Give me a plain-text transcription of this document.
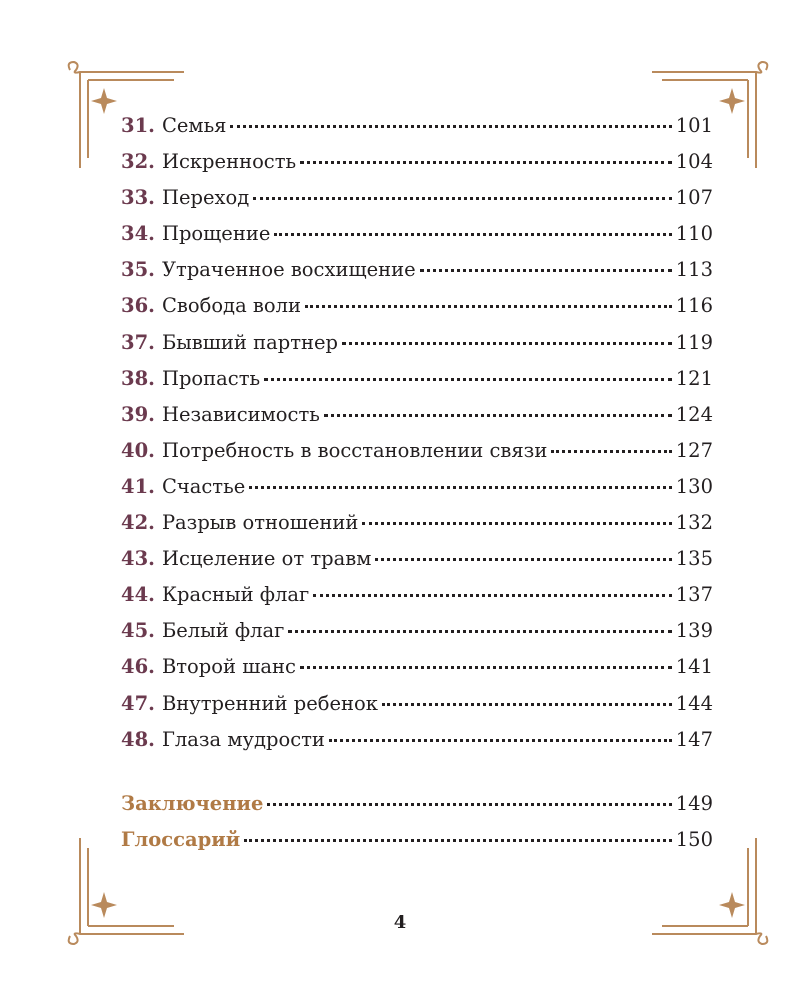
31. Семья	101
32. Искренность	104
33. Переход	107
34. Прощение	110
35. Утраченное восхищение	113
36. Свобода воли	116
37. Бывший партнер	119
38. Пропасть	121
39. Независимость	124
40. Потребность в восстановлении связи	127
41. Счастье	130
42. Разрыв отношений	132
43. Исцеление от травм	135
44. Красный флаг	137
45. Белый флаг	139
46. Второй шанс	141
47. Внутренний ребенок	144
48. Глаза мудрости	147
Заключение	149
Глоссарий	150
4
